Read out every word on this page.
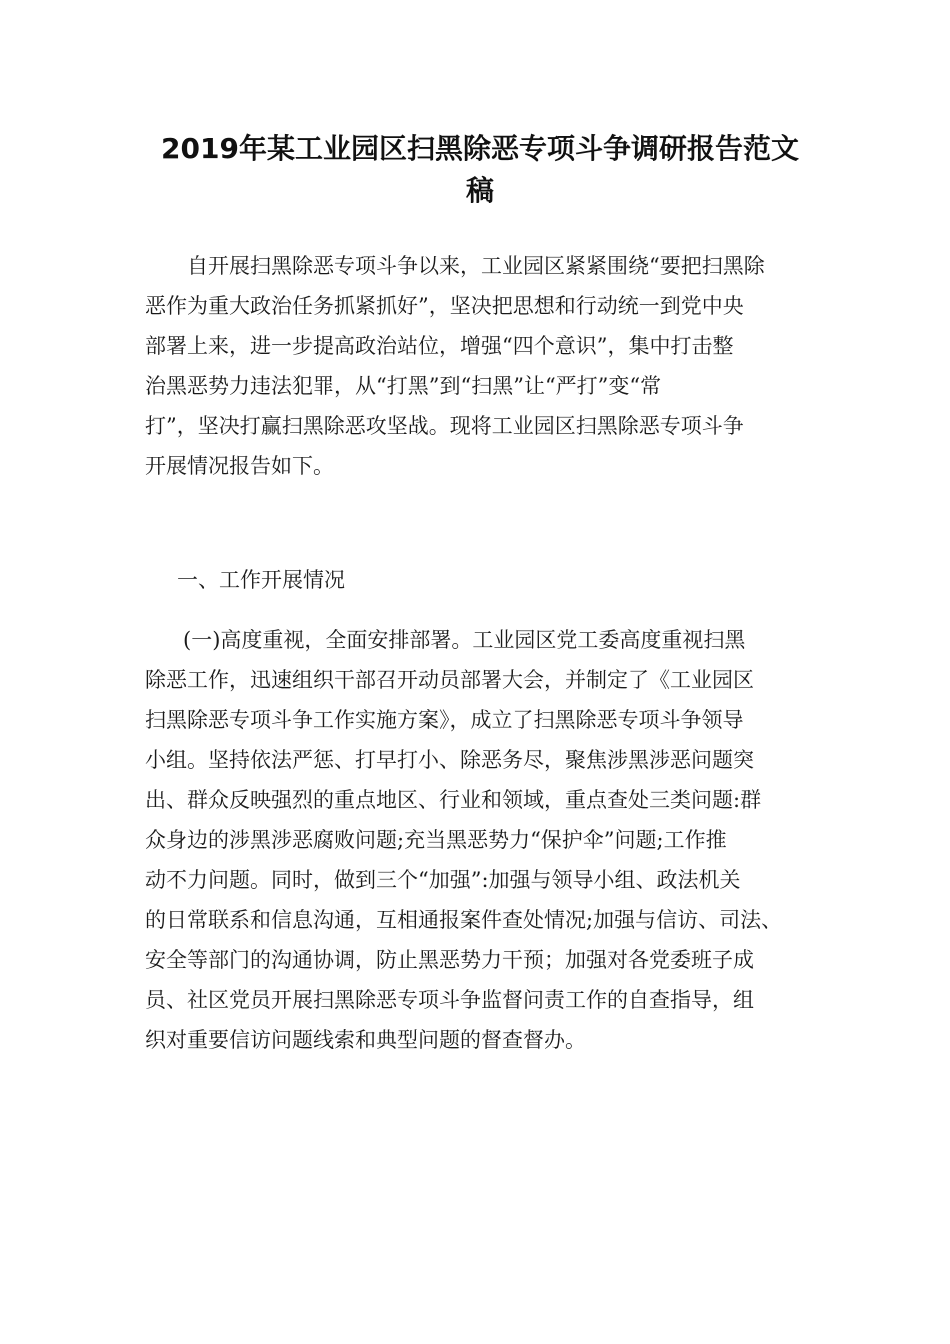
2019年某工业园区扫黑除恶专项斗争调研报告范文
稿
自开展扫黑除恶专项斗争以来，工业园区紧紧围绕“要把扫黑除
恶作为重大政治任务抓紧抓好”，坚决把思想和行动统一到党中央
部署上来，进一步提高政治站位，增强“四个意识”，集中打击整
治黑恶势力违法犯罪，从“打黑”到“扫黑”让“严打”变“常
打”，坚决打赢扫黑除恶攻坚战。现将工业园区扫黑除恶专项斗争
开展情况报告如下。
一、工作开展情况
(一)高度重视，全面安排部署。工业园区党工委高度重视扫黑
除恶工作，迅速组织干部召开动员部署大会，并制定了《工业园区
扫黑除恶专项斗争工作实施方案》，成立了扫黑除恶专项斗争领导
小组。坚持依法严惩、打早打小、除恶务尽，聚焦涉黑涉恶问题突
出、群众反映强烈的重点地区、行业和领域，重点查处三类问题:群
众身边的涉黑涉恶腐败问题;充当黑恶势力“保护伞”问题;工作推
动不力问题。同时，做到三个“加强”:加强与领导小组、政法机关
的日常联系和信息沟通，互相通报案件查处情况;加强与信访、司法、
安全等部门的沟通协调，防止黑恶势力干预；加强对各党委班子成
员、社区党员开展扫黑除恶专项斗争监督问责工作的自查指导，组
织对重要信访问题线索和典型问题的督查督办。
